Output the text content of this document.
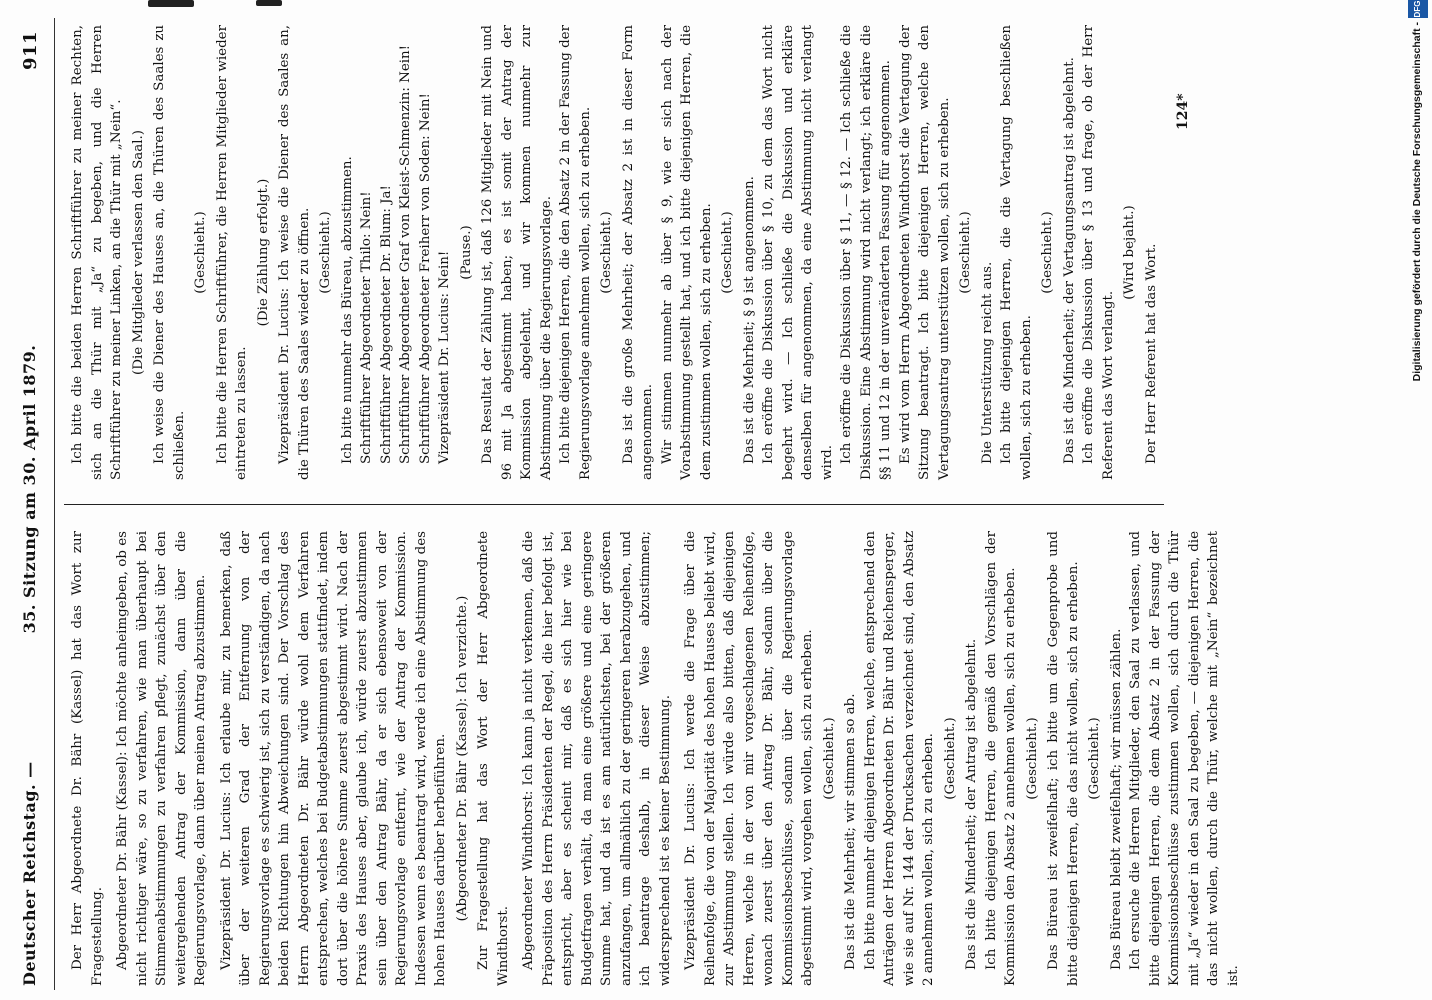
Deutscher Reichstag. —
35. Sitzung am 30. April 1879.
911

Der Herr Abgeordnete Dr. Bähr (Kassel) hat das Wort zur Fragestellung. Abgeordneter Dr. Bähr (Kassel): Ich möchte anheimgeben, ob es nicht richtiger wäre, so zu verfahren, wie man überhaupt bei Stimmenabstimmungen zu verfahren pflegt, zunächst über den weitergehenden Antrag der Kommission, dann über die Regierungsvorlage, dann über meinen Antrag abzustimmen. Vizepräsident Dr. Lucius: Ich erlaube mir, zu bemerken, daß über der weiteren Grad der Entfernung von der Regierungsvorlage es schwierig ist, sich zu verständigen, da nach beiden Richtungen hin Abweichungen sind. Der Vorschlag des Herrn Abgeordneten Dr. Bähr würde wohl dem Verfahren entsprechen, welches bei Budgetabstimmungen stattfindet, indem dort über die höhere Summe zuerst abgestimmt wird. Nach der Praxis des Hauses aber, glaube ich, würde zuerst abzustimmen sein über den Antrag Bähr, da er sich ebensoweit von der Regierungsvorlage entfernt, wie der Antrag der Kommission. Indessen wenn es beantragt wird, werde ich eine Abstimmung des hohen Hauses darüber herbeiführen. (Abgeordneter Dr. Bähr (Kassel): Ich verzichte.) Zur Fragestellung hat das Wort der Herr Abgeordnete Windthorst. Abgeordneter Windthorst: Ich kann ja nicht verkennen, daß die Präposition des Herrn Präsidenten der Regel, die hier befolgt ist, entspricht, aber es scheint mir, daß es sich hier wie bei Budgetfragen verhält, da man eine größere und eine geringere Summe hat, und da ist es am natürlichsten, bei der größeren anzufangen, um allmählich zu der geringeren herabzugehen, und ich beantrage deshalb, in dieser Weise abzustimmen; widersprechend ist es keiner Bestimmung. Vizepräsident Dr. Lucius: Ich werde die Frage über die Reihenfolge, die von der Majorität des hohen Hauses beliebt wird, zur Abstimmung stellen. Ich würde also bitten, daß diejenigen Herren, welche in der von mir vorgeschlagenen Reihenfolge, wonach zuerst über den Antrag Dr. Bähr, sodann über die Kommissionsbeschlüsse, sodann über die Regierungsvorlage abgestimmt wird, vorgehen wollen, sich zu erheben. (Geschieht.) Das ist die Mehrheit; wir stimmen so ab. Ich bitte nunmehr diejenigen Herren, welche, entsprechend den Anträgen der Herren Abgeordneten Dr. Bähr und Reichensperger, wie sie auf Nr. 144 der Drucksachen verzeichnet sind, den Absatz 2 annehmen wollen, sich zu erheben. (Geschieht.) Das ist die Minderheit; der Antrag ist abgelehnt. Ich bitte diejenigen Herren, die gemäß den Vorschlägen der Kommission den Absatz 2 annehmen wollen, sich zu erheben. (Geschieht.) Das Büreau ist zweifelhaft; ich bitte um die Gegenprobe und bitte diejenigen Herren, die das nicht wollen, sich zu erheben. (Geschieht.) Das Büreau bleibt zweifelhaft; wir müssen zählen. Ich ersuche die Herren Mitglieder, den Saal zu verlassen, und bitte diejenigen Herren, die dem Absatz 2 in der Fassung der Kommissionsbeschlüsse zustimmen wollen, sich durch die Thür mit „Ja“ wieder in den Saal zu begeben, — diejenigen Herren, die das nicht wollen, durch die Thür, welche mit „Nein“ bezeichnet ist.

Ich bitte die beiden Herren Schriftführer zu meiner Rechten, sich an die Thür mit „Ja“ zu begeben, und die Herren Schriftführer zu meiner Linken, an die Thür mit „Nein“. (Die Mitglieder verlassen den Saal.) Ich weise die Diener des Hauses an, die Thüren des Saales zu schließen.

(Geschieht.) Ich bitte die Herren Schriftführer, die Herren Mitglieder wieder eintreten zu lassen.

(Die Zählung erfolgt.) Vizepräsident Dr. Lucius: Ich weise die Diener des Saales an, die Thüren des Saales wieder zu öffnen. (Geschieht.) Ich bitte nunmehr das Büreau, abzustimmen. Schriftführer Abgeordneter Thilo: Nein! Schriftführer Abgeordneter Dr. Blum: Ja! Schriftführer Abgeordneter Graf von Kleist-Schmenzin: Nein! Schriftführer Abgeordneter Freiherr von Soden: Nein! Vizepräsident Dr. Lucius: Nein! (Pause.) Das Resultat der Zählung ist, daß 126 Mitglieder mit Nein und 96 mit Ja abgestimmt haben; es ist somit der Antrag der Kommission abgelehnt, und wir kommen nunmehr zur Abstimmung über die Regierungsvorlage. Ich bitte diejenigen Herren, die den Absatz 2 in der Fassung der Regierungsvorlage annehmen wollen, sich zu erheben. (Geschieht.) Das ist die große Mehrheit; der Absatz 2 ist in dieser Form angenommen. Wir stimmen nunmehr ab über § 9, wie er sich nach der Vorabstimmung gestellt hat, und ich bitte diejenigen Herren, die dem zustimmen wollen, sich zu erheben. (Geschieht.) Das ist die Mehrheit; § 9 ist angenommen. Ich eröffne die Diskussion über § 10, zu dem das Wort nicht begehrt wird. — Ich schließe die Diskussion und erkläre denselben für angenommen, da eine Abstimmung nicht verlangt wird. Ich eröffne die Diskussion über § 11, — § 12. — Ich schließe die Diskussion. Eine Abstimmung wird nicht verlangt; ich erkläre die §§ 11 und 12 in der unveränderten Fassung für angenommen. Es wird vom Herrn Abgeordneten Windthorst die Vertagung der Sitzung beantragt. Ich bitte diejenigen Herren, welche den Vertagungsantrag unterstützen wollen, sich zu erheben. (Geschieht.)

Die Unterstützung reicht aus. Ich bitte diejenigen Herren, die die Vertagung beschließen wollen, sich zu erheben.

(Geschieht.) Das ist die Minderheit; der Vertagungsantrag ist abgelehnt. Ich eröffne die Diskussion über § 13 und frage, ob der Herr Referent das Wort verlangt.

(Wird bejaht.) Der Herr Referent hat das Wort.

124*	Digitalisierung gefördert durch die Deutsche Forschungsgemeinschaft -
DFG
